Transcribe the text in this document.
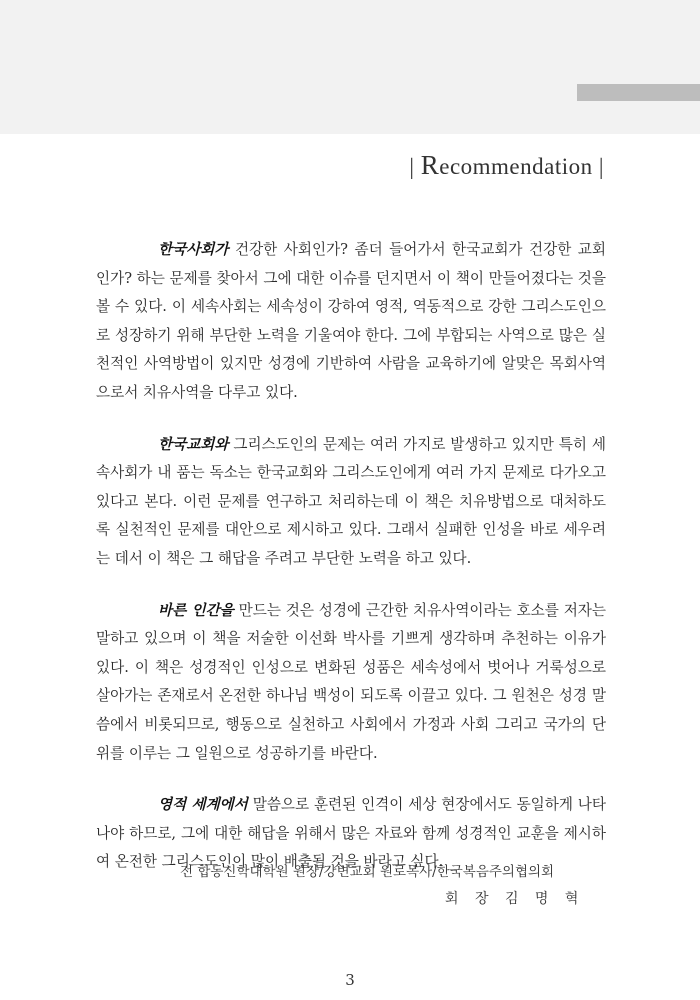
| Recommendation |

한국사회가 건강한 사회인가? 좀더 들어가서 한국교회가 건강한 교회인가? 하는 문제를 찾아서 그에 대한 이슈를 던지면서 이 책이 만들어졌다는 것을 볼 수 있다. 이 세속사회는 세속성이 강하여 영적, 역동적으로 강한 그리스도인으로 성장하기 위해 부단한 노력을 기울여야 한다. 그에 부합되는 사역으로 많은 실천적인 사역방법이 있지만 성경에 기반하여 사람을 교육하기에 알맞은 목회사역으로서 치유사역을 다루고 있다.

한국교회와 그리스도인의 문제는 여러 가지로 발생하고 있지만 특히 세속사회가 내 품는 독소는 한국교회와 그리스도인에게 여러 가지 문제로 다가오고 있다고 본다. 이런 문제를 연구하고 처리하는데 이 책은 치유방법으로 대처하도록 실천적인 문제를 대안으로 제시하고 있다. 그래서 실패한 인성을 바로 세우려는 데서 이 책은 그 해답을 주려고 부단한 노력을 하고 있다.

바른 인간을 만드는 것은 성경에 근간한 치유사역이라는 호소를 저자는 말하고 있으며 이 책을 저술한 이선화 박사를 기쁘게 생각하며 추천하는 이유가 있다. 이 책은 성경적인 인성으로 변화된 성품은 세속성에서 벗어나 거룩성으로 살아가는 존재로서 온전한 하나님 백성이 되도록 이끌고 있다. 그 원천은 성경 말씀에서 비롯되므로, 행동으로 실천하고 사회에서 가정과 사회 그리고 국가의 단위를 이루는 그 일원으로 성공하기를 바란다.

영적 세계에서 말씀으로 훈련된 인격이 세상 현장에서도 동일하게 나타나야 하므로, 그에 대한 해답을 위해서 많은 자료와 함께 성경적인 교훈을 제시하여 온전한 그리스도인이 많이 배출될 것을 바라고 싶다.

전 합동신학대학원 원장/강변교회 원로목사/한국복음주의협의회
회 장 김 명 혁
3
